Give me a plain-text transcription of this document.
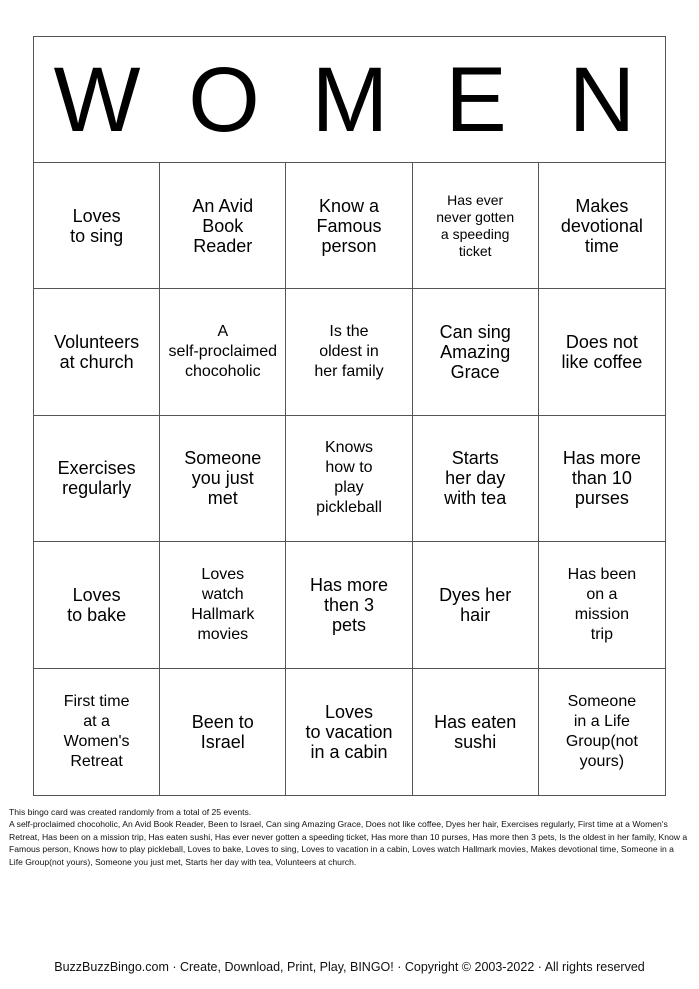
W O M E N
Loves
to sing
An Avid
Book
Reader
Know a
Famous
person
Has ever
never gotten
a speeding
ticket
Makes
devotional
time
Volunteers
at church
A
self-proclaimed
chocoholic
Is the
oldest in
her family
Can sing
Amazing
Grace
Does not
like coffee
Exercises
regularly
Someone
you just
met
Knows
how to
play
pickleball
Starts
her day
with tea
Has more
than 10
purses
Loves
to bake
Loves
watch
Hallmark
movies
Has more
then 3
pets
Dyes her
hair
Has been
on a
mission
trip
First time
at a
Women's
Retreat
Been to
Israel
Loves
to vacation
in a cabin
Has eaten
sushi
Someone
in a Life
Group(not
yours)

This bingo card was created randomly from a total of 25 events.

A self-proclaimed chocoholic, An Avid Book Reader, Been to Israel, Can sing Amazing Grace, Does not like coffee, Dyes her hair, Exercises regularly, First time at a Women's Retreat, Has been on a mission trip, Has eaten sushi, Has ever never gotten a speeding ticket, Has more than 10 purses, Has more then 3 pets, Is the oldest in her family, Know a Famous person, Knows how to play pickleball, Loves to bake, Loves to sing, Loves to vacation in a cabin, Loves watch Hallmark movies, Makes devotional time, Someone in a Life Group(not yours), Someone you just met, Starts her day with tea, Volunteers at church.

BuzzBuzzBingo.com · Create, Download, Print, Play, BINGO! · Copyright © 2003-2022 · All rights reserved
